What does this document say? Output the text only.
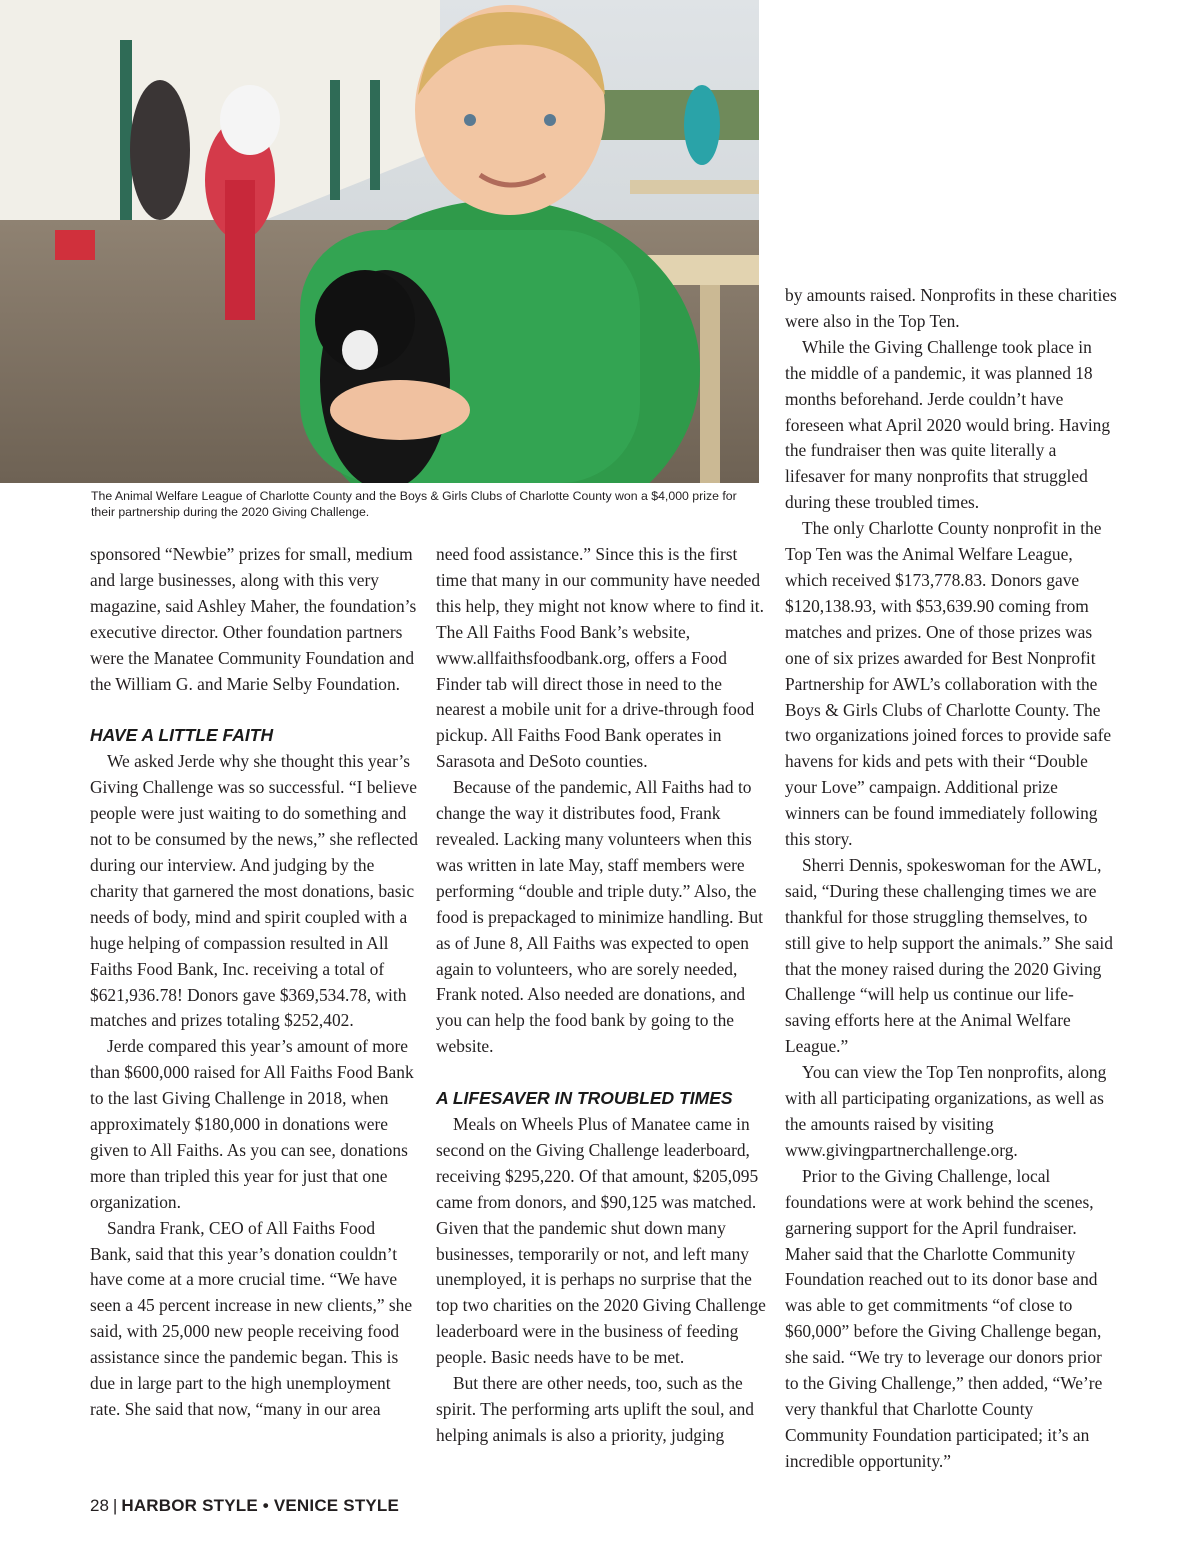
The Animal Welfare League of Charlotte County and the Boys & Girls Clubs of Charlotte County won a $4,000 prize for their partnership during the 2020 Giving Challenge.

sponsored “Newbie” prizes for small, medium and large businesses, along with this very magazine, said Ashley Maher, the foundation’s executive director. Other foundation partners were the Manatee Community Foundation and the William G. and Marie Selby Foundation.

HAVE A LITTLE FAITH

We asked Jerde why she thought this year’s Giving Challenge was so successful. “I believe people were just waiting to do something and not to be consumed by the news,” she reflected during our interview. And judging by the charity that garnered the most donations, basic needs of body, mind and spirit coupled with a huge helping of compassion resulted in All Faiths Food Bank, Inc. receiving a total of $621,936.78! Donors gave $369,534.78, with matches and prizes totaling $252,402.

Jerde compared this year’s amount of more than $600,000 raised for All Faiths Food Bank to the last Giving Challenge in 2018, when approximately $180,000 in donations were given to All Faiths. As you can see, donations more than tripled this year for just that one organization.

Sandra Frank, CEO of All Faiths Food Bank, said that this year’s donation couldn’t have come at a more crucial time. “We have seen a 45 percent increase in new clients,” she said, with 25,000 new people receiving food assistance since the pandemic began. This is due in large part to the high unemployment rate. She said that now, “many in our area

need food assistance.” Since this is the first time that many in our community have needed this help, they might not know where to find it. The All Faiths Food Bank’s website, www.allfaithsfoodbank.org, offers a Food Finder tab will direct those in need to the nearest a mobile unit for a drive-through food pickup. All Faiths Food Bank operates in Sarasota and DeSoto counties.

Because of the pandemic, All Faiths had to change the way it distributes food, Frank revealed. Lacking many volunteers when this was written in late May, staff members were performing “double and triple duty.” Also, the food is prepackaged to minimize handling. But as of June 8, All Faiths was expected to open again to volunteers, who are sorely needed, Frank noted. Also needed are donations, and you can help the food bank by going to the website.

A LIFESAVER IN TROUBLED TIMES

Meals on Wheels Plus of Manatee came in second on the Giving Challenge leaderboard, receiving $295,220. Of that amount, $205,095 came from donors, and $90,125 was matched. Given that the pandemic shut down many businesses, temporarily or not, and left many unemployed, it is perhaps no surprise that the top two charities on the 2020 Giving Challenge leaderboard were in the business of feeding people. Basic needs have to be met.

But there are other needs, too, such as the spirit. The performing arts uplift the soul, and helping animals is also a priority, judging

by amounts raised. Nonprofits in these charities were also in the Top Ten.

While the Giving Challenge took place in the middle of a pandemic, it was planned 18 months beforehand. Jerde couldn’t have foreseen what April 2020 would bring. Having the fundraiser then was quite literally a lifesaver for many nonprofits that struggled during these troubled times.

The only Charlotte County nonprofit in the Top Ten was the Animal Welfare League, which received $173,778.83. Donors gave $120,138.93, with $53,639.90 coming from matches and prizes. One of those prizes was one of six prizes awarded for Best Nonprofit Partnership for AWL’s collaboration with the Boys & Girls Clubs of Charlotte County. The two organizations joined forces to provide safe havens for kids and pets with their “Double your Love” campaign. Additional prize winners can be found immediately following this story.

Sherri Dennis, spokeswoman for the AWL, said, “During these challenging times we are thankful for those struggling themselves, to still give to help support the animals.” She said that the money raised during the 2020 Giving Challenge “will help us continue our life-saving efforts here at the Animal Welfare League.”

You can view the Top Ten nonprofits, along with all participating organizations, as well as the amounts raised by visiting www.givingpartnerchallenge.org.

Prior to the Giving Challenge, local foundations were at work behind the scenes, garnering support for the April fundraiser. Maher said that the Charlotte Community Foundation reached out to its donor base and was able to get commitments “of close to $60,000” before the Giving Challenge began, she said. “We try to leverage our donors prior to the Giving Challenge,” then added, “We’re very thankful that Charlotte County Community Foundation participated; it’s an incredible opportunity.”

28 | HARBOR STYLE • VENICE STYLE
